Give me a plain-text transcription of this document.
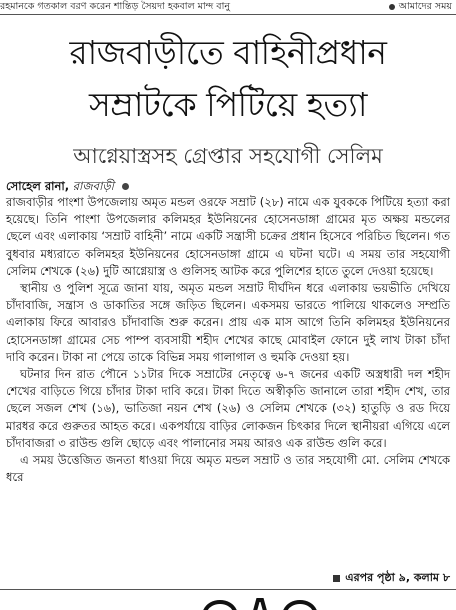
রহমানকে গতকাল বরণ করেন শান্তিড় সৈয়দা হকবাল মান্দ বানু	আমাদের সময়
রাজবাড়ীতে বাহিনীপ্রধান
সম্রাটকে পিটিয়ে হত্যা
আগ্নেয়াস্ত্রসহ গ্রেপ্তার সহযোগী সেলিম
সোহেল রানা, রাজবাড়ী

রাজবাড়ীর পাংশা উপজেলায় অমৃত মন্ডল ওরফে সম্রাট (২৮) নামে এক যুবককে পিটিয়ে হত্যা করা হয়েছে। তিনি পাংশা উপজেলার কলিমহর ইউনিয়নের হোসেনডাঙ্গা গ্রামের মৃত অক্ষয় মন্ডলের ছেলে এবং এলাকায় ‘সম্রাট বাহিনী’ নামে একটি সন্ত্রাসী চক্রের প্রধান হিসেবে পরিচিত ছিলেন। গত বুধবার মধ্যরাতে কলিমহর ইউনিয়নের হোসেনডাঙ্গা গ্রামে এ ঘটনা ঘটে। এ সময় তার সহযোগী সেলিম শেখকে (২৬) দুটি আগ্নেয়াস্ত্র ও গুলিসহ আটক করে পুলিশের হাতে তুলে দেওয়া হয়েছে।

স্থানীয় ও পুলিশ সূত্রে জানা যায়, অমৃত মন্ডল সম্রাট দীর্ঘদিন ধরে এলাকায় ভয়ভীতি দেখিয়ে চাঁদাবাজি, সন্ত্রাস ও ডাকাতির সঙ্গে জড়িত ছিলেন। একসময় ভারতে পালিয়ে থাকলেও সম্প্রতি এলাকায় ফিরে আবারও চাঁদাবাজি শুরু করেন। প্রায় এক মাস আগে তিনি কলিমহর ইউনিয়নের হোসেনডাঙ্গা গ্রামের সেচ পাম্প ব্যবসায়ী শহীদ শেখের কাছে মোবাইল ফোনে দুই লাখ টাকা চাঁদা দাবি করেন। টাকা না পেয়ে তাকে বিভিন্ন সময় গালাগাল ও হুমকি দেওয়া হয়।

ঘটনার দিন রাত পৌনে ১১টার দিকে সম্রাটের নেতৃত্বে ৬-৭ জনের একটি অস্ত্রধারী দল শহীদ শেখের বাড়িতে গিয়ে চাঁদার টাকা দাবি করে। টাকা দিতে অস্বীকৃতি জানালে তারা শহীদ শেখ, তার ছেলে সজল শেখ (১৬), ভাতিজা নয়ন শেখ (২৬) ও সেলিম শেখকে (৩২) হাতুড়ি ও রড দিয়ে মারধর করে গুরুতর আহত করে। একপর্যায়ে বাড়ির লোকজন চিৎকার দিলে স্থানীয়রা এগিয়ে এলে চাঁদাবাজরা ৩ রাউন্ড গুলি ছোড়ে এবং পালানোর সময় আরও এক রাউন্ড গুলি করে।

এ সময় উত্তেজিত জনতা ধাওয়া দিয়ে অমৃত মন্ডল সম্রাট ও তার সহযোগী মো. সেলিম শেখকে ধরে

এরপর পৃষ্ঠা ৯, কলাম ৮
